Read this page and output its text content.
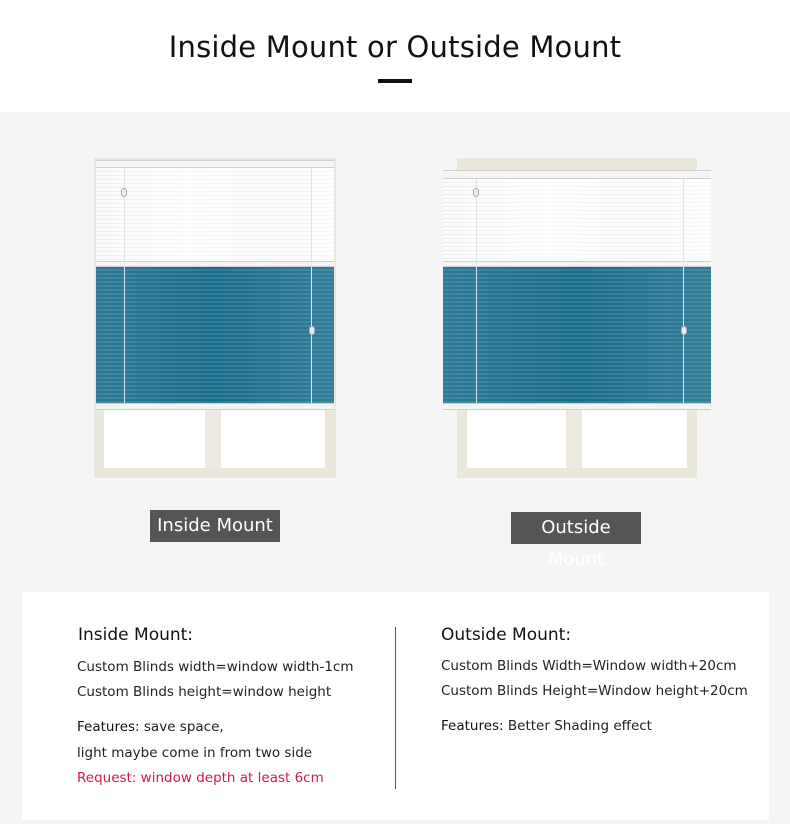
Inside Mount or Outside Mount
Inside Mount	Outside Mount
Inside Mount:
Custom Blinds width=window width-1cm
Custom Blinds height=window height
Features: save space,
light maybe come in from two side
Request: window depth at least 6cm
Outside Mount:
Custom Blinds Width=Window width+20cm
Custom Blinds Height=Window height+20cm
Features: Better Shading effect
